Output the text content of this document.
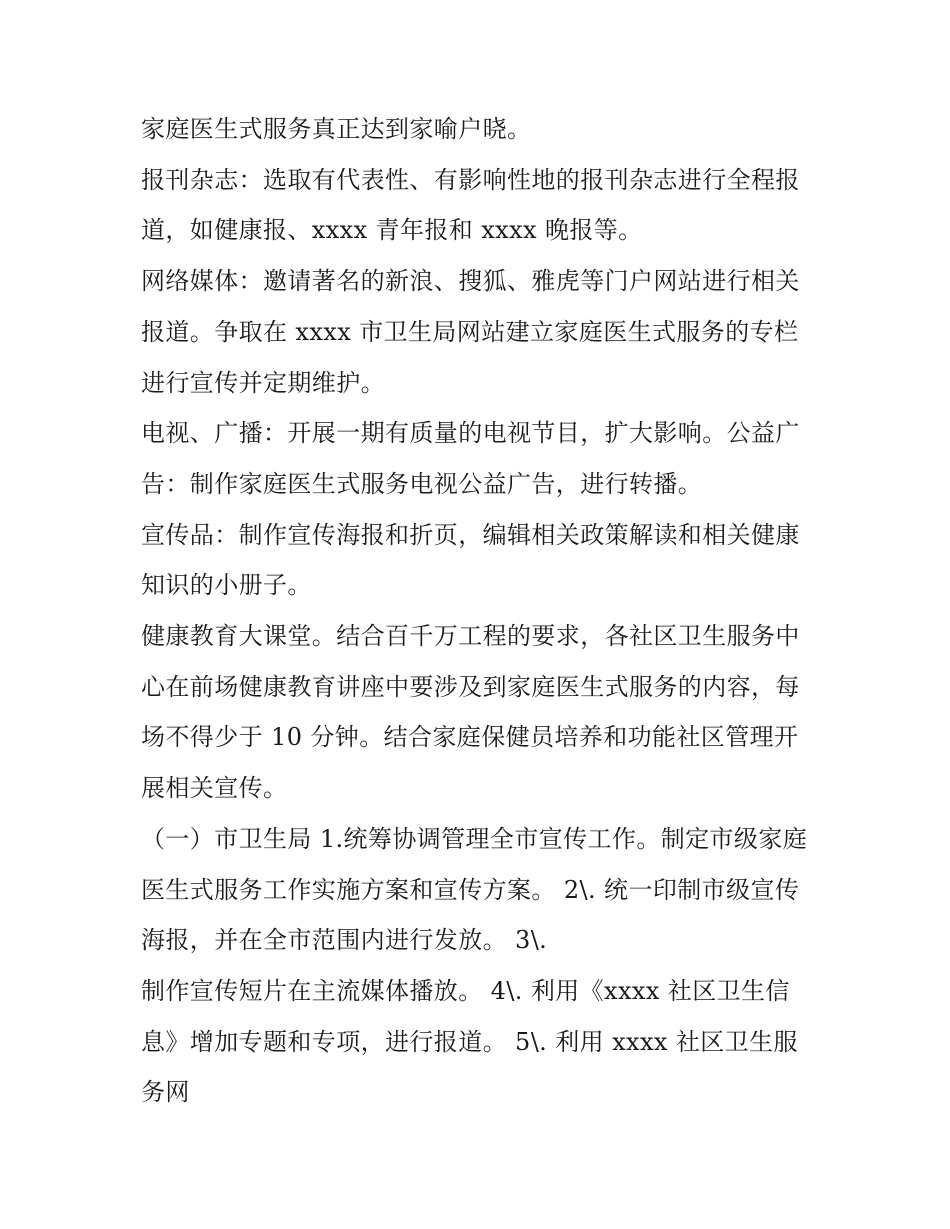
家庭医生式服务真正达到家喻户晓。

报刊杂志：选取有代表性、有影响性地的报刊杂志进行全程报道，如健康报、xxxx 青年报和 xxxx 晚报等。

网络媒体：邀请著名的新浪、搜狐、雅虎等门户网站进行相关报道。争取在 xxxx 市卫生局网站建立家庭医生式服务的专栏进行宣传并定期维护。

电视、广播：开展一期有质量的电视节目，扩大影响。公益广告：制作家庭医生式服务电视公益广告，进行转播。

宣传品：制作宣传海报和折页，编辑相关政策解读和相关健康知识的小册子。

健康教育大课堂。结合百千万工程的要求，各社区卫生服务中心在前场健康教育讲座中要涉及到家庭医生式服务的内容，每场不得少于 10 分钟。结合家庭保健员培养和功能社区管理开展相关宣传。

（一）市卫生局 1.统筹协调管理全市宣传工作。制定市级家庭医生式服务工作实施方案和宣传方案。 2\. 统一印制市级宣传海报，并在全市范围内进行发放。 3\.

制作宣传短片在主流媒体播放。 4\. 利用《xxxx 社区卫生信息》增加专题和专项，进行报道。 5\. 利用 xxxx 社区卫生服务网
